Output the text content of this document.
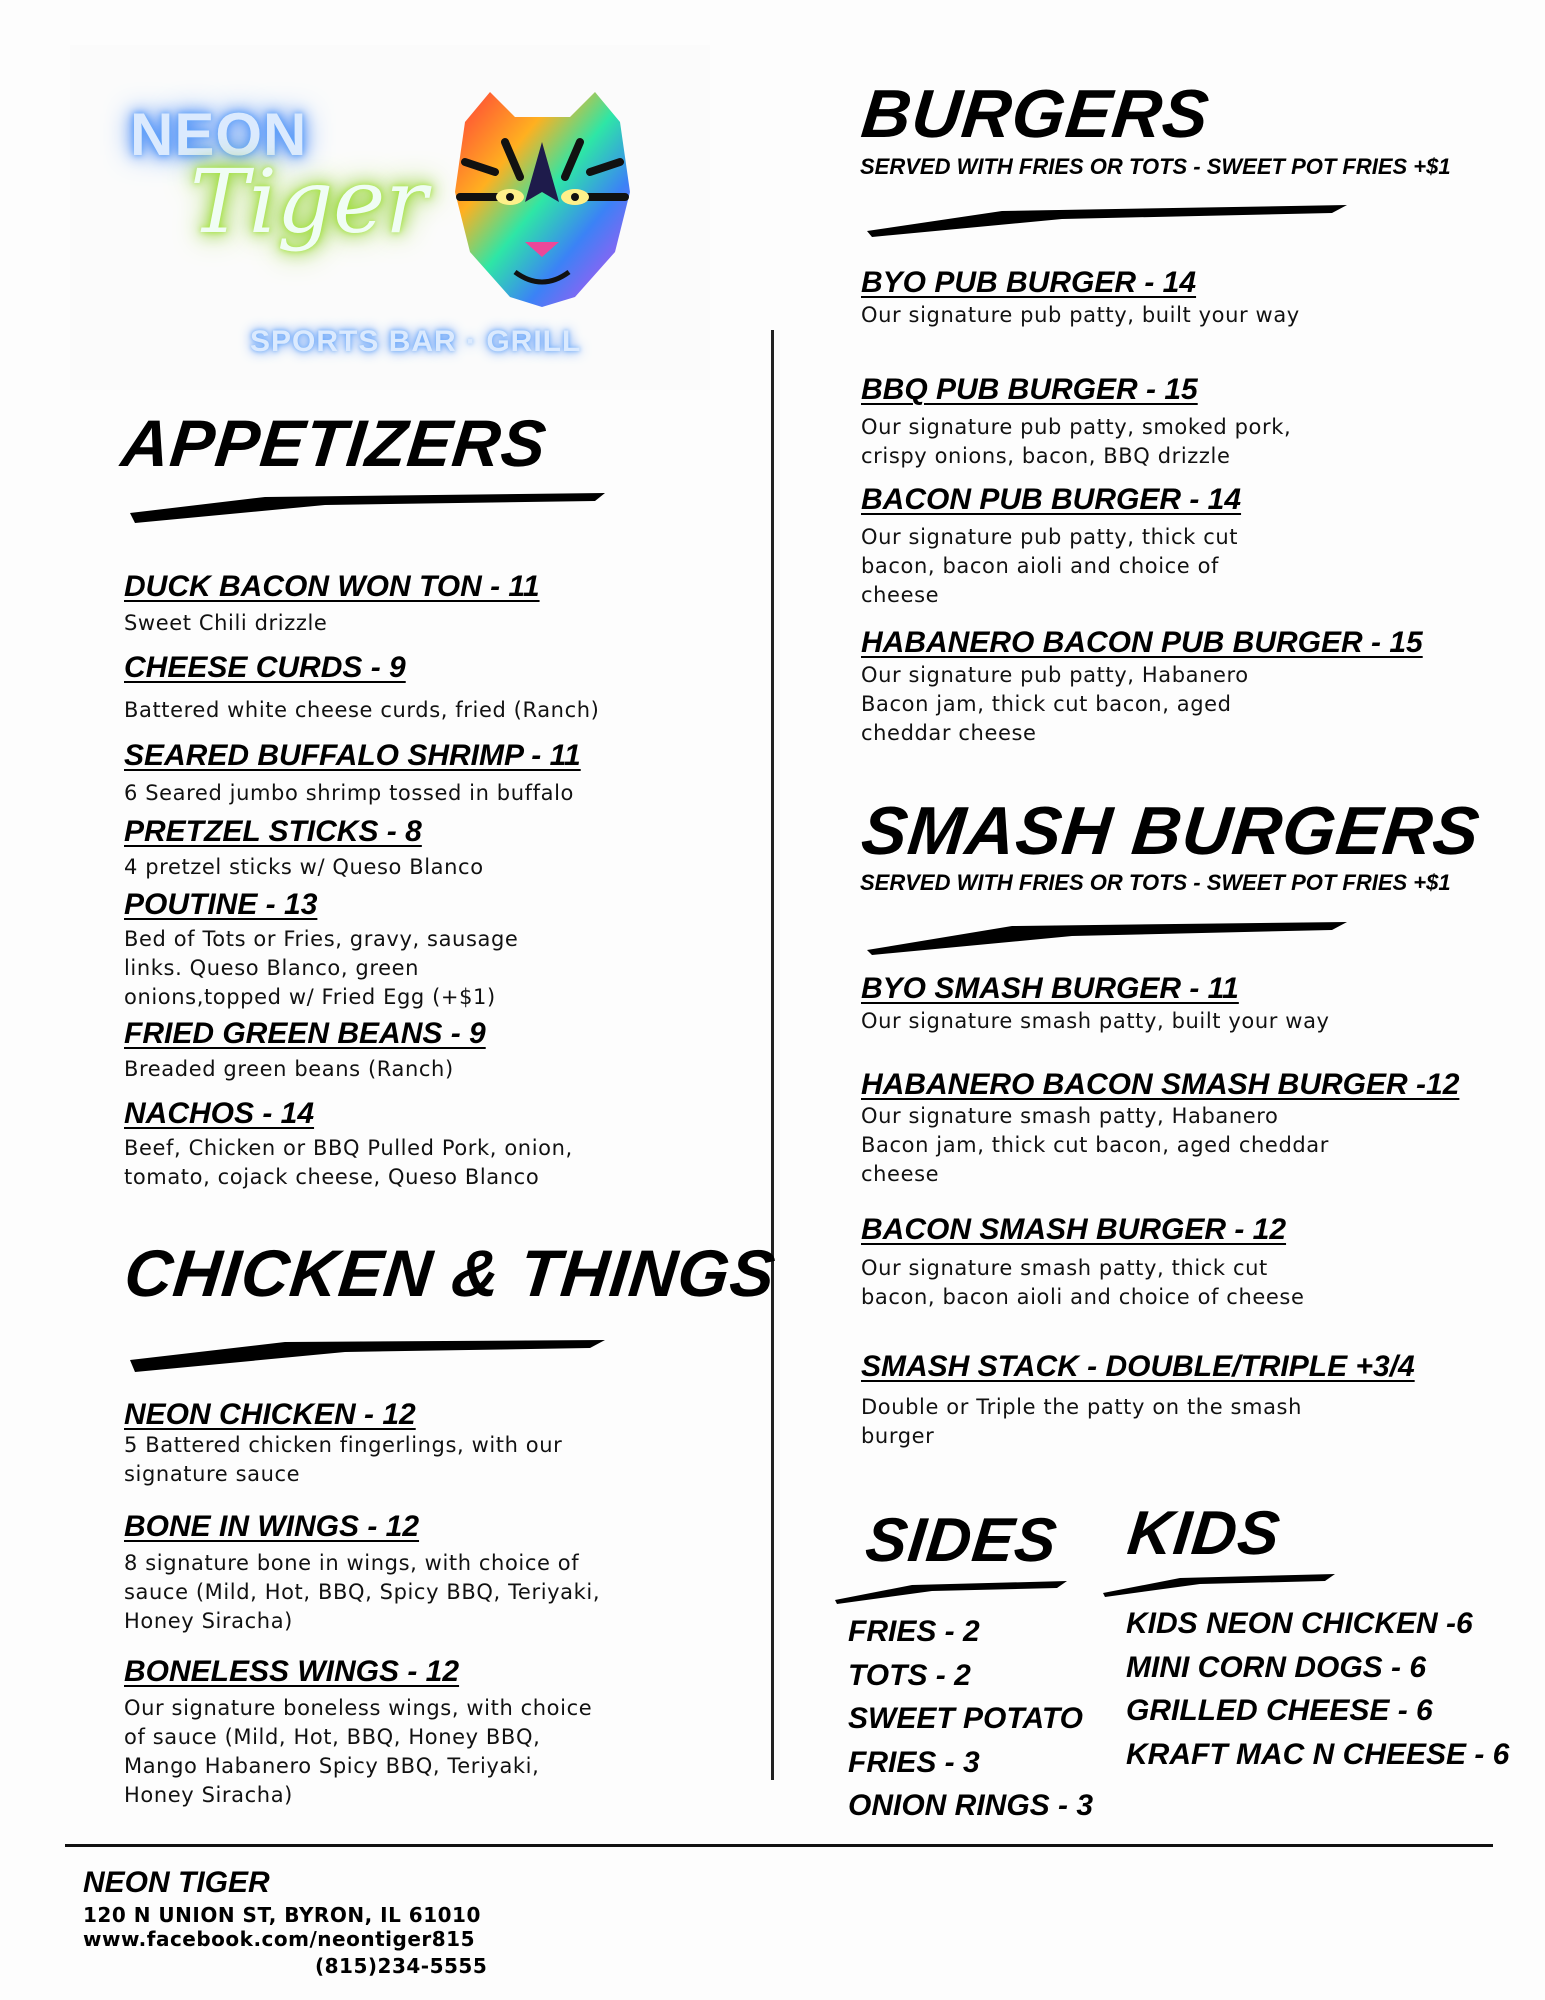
NEON
Tiger
SPORTS BAR · GRILL
APPETIZERS
DUCK BACON WON TON - 11
Sweet Chili drizzle
CHEESE CURDS - 9
Battered white cheese curds, fried (Ranch)
SEARED BUFFALO SHRIMP - 11
6 Seared jumbo shrimp tossed in buffalo
PRETZEL STICKS - 8
4 pretzel sticks w/ Queso Blanco
POUTINE - 13
Bed of Tots or Fries, gravy, sausage links. Queso Blanco, green onions,topped w/ Fried Egg (+$1)
FRIED GREEN BEANS - 9
Breaded green beans (Ranch)
NACHOS - 14
Beef, Chicken or BBQ Pulled Pork, onion, tomato, cojack cheese, Queso Blanco
CHICKEN & THINGS
NEON CHICKEN - 12
5 Battered chicken fingerlings, with our signature sauce
BONE IN WINGS - 12
8 signature bone in wings, with choice of sauce (Mild, Hot, BBQ, Spicy BBQ, Teriyaki, Honey Siracha)
BONELESS WINGS - 12
Our signature boneless wings, with choice of sauce (Mild, Hot, BBQ, Honey BBQ, Mango Habanero Spicy BBQ, Teriyaki, Honey Siracha)
BURGERS
SERVED WITH FRIES OR TOTS - SWEET POT FRIES +$1
BYO PUB BURGER - 14
Our signature pub patty, built your way
BBQ PUB BURGER - 15
Our signature pub patty, smoked pork, crispy onions, bacon, BBQ drizzle
BACON PUB BURGER - 14
Our signature pub patty, thick cut bacon, bacon aioli and choice of cheese
HABANERO BACON PUB BURGER - 15
Our signature pub patty, Habanero Bacon jam, thick cut bacon, aged cheddar cheese
SMASH BURGERS
SERVED WITH FRIES OR TOTS - SWEET POT FRIES +$1
BYO SMASH BURGER - 11
Our signature smash patty, built your way
HABANERO BACON SMASH BURGER -12
Our signature smash patty, Habanero Bacon jam, thick cut bacon, aged cheddar cheese
BACON SMASH BURGER - 12
Our signature smash patty, thick cut bacon, bacon aioli and choice of cheese
SMASH STACK - DOUBLE/TRIPLE +3/4
Double or Triple the patty on the smash burger
SIDES
FRIES - 2
TOTS - 2
SWEET POTATO
FRIES - 3
ONION RINGS - 3
KIDS
KIDS NEON CHICKEN -6
MINI CORN DOGS - 6
GRILLED CHEESE - 6
KRAFT MAC N CHEESE - 6
NEON TIGER
120 N UNION ST, BYRON, IL 61010
www.facebook.com/neontiger815
(815)234-5555
